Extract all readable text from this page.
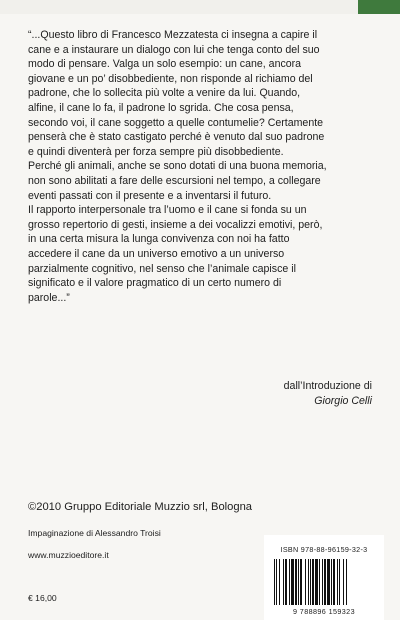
“...Questo libro di Francesco Mezzatesta ci insegna a capire il
cane e a instaurare un dialogo con lui che tenga conto del suo
modo di pensare. Valga un solo esempio: un cane, ancora
giovane e un po’ disobbediente, non risponde al richiamo del
padrone, che lo sollecita più volte a venire da lui. Quando,
alfine, il cane lo fa, il padrone lo sgrida. Che cosa pensa,
secondo voi, il cane soggetto a quelle contumelie? Certamente
penserà che è stato castigato perché è venuto dal suo padrone
e quindi diventerà per forza sempre più disobbediente.
Perché gli animali, anche se sono dotati di una buona memoria,
non sono abilitati a fare delle escursioni nel tempo, a collegare
eventi passati con il presente e a inventarsi il futuro.
Il rapporto interpersonale tra l’uomo e il cane si fonda su un
grosso repertorio di gesti, insieme a dei vocalizzi emotivi, però,
in una certa misura la lunga convivenza con noi ha fatto
accedere il cane da un universo emotivo a un universo
parzialmente cognitivo, nel senso che l’animale capisce il
significato e il valore pragmatico di un certo numero di
parole...”
dall’Introduzione di
Giorgio Celli
©2010 Gruppo Editoriale Muzzio srl, Bologna
Impaginazione di Alessandro Troisi
www.muzzioeditore.it
€ 16,00
ISBN 978-88-96159-32-3
9 788896 159323
